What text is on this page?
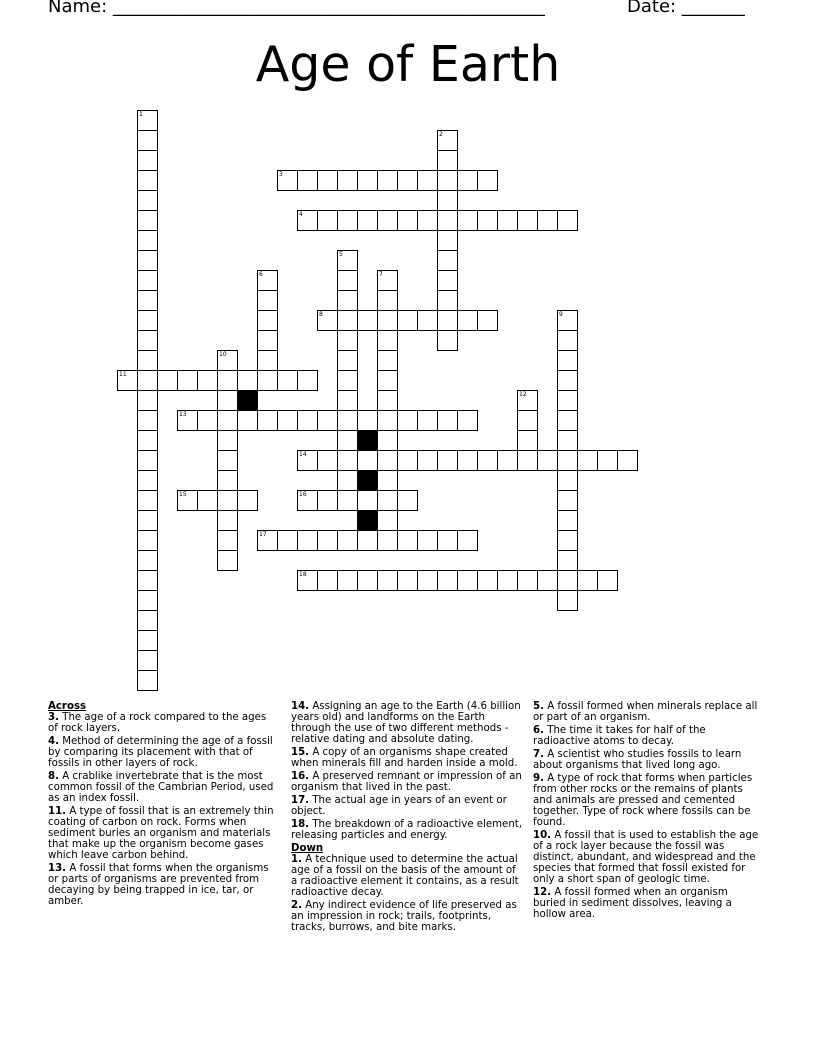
Name: ________________________________________________	Date: _______
Age of Earth
3
4
8
11
13
14
15	16
17
18
1
2
5
6	7
9
10
12
Across
3. The age of a rock compared to the ages of rock layers.
4. Method of determining the age of a fossil by comparing its placement with that of fossils in other layers of rock.
8. A crablike invertebrate that is the most common fossil of the Cambrian Period, used as an index fossil.
11. A type of fossil that is an extremely thin coating of carbon on rock. Forms when sediment buries an organism and materials that make up the organism become gases which leave carbon behind.
13. A fossil that forms when the organisms or parts of organisms are prevented from decaying by being trapped in ice, tar, or amber.
14. Assigning an age to the Earth (4.6 billion years old) and landforms on the Earth through the use of two different methods - relative dating and absolute dating.
15. A copy of an organisms shape created when minerals fill and harden inside a mold.
16. A preserved remnant or impression of an organism that lived in the past.
17. The actual age in years of an event or object.
18. The breakdown of a radioactive element, releasing particles and energy.
Down
1. A technique used to determine the actual age of a fossil on the basis of the amount of a radioactive element it contains, as a result radioactive decay.
2. Any indirect evidence of life preserved as an impression in rock; trails, footprints, tracks, burrows, and bite marks.
5. A fossil formed when minerals replace all or part of an organism.
6. The time it takes for half of the radioactive atoms to decay.
7. A scientist who studies fossils to learn about organisms that lived long ago.
9. A type of rock that forms when particles from other rocks or the remains of plants and animals are pressed and cemented together. Type of rock where fossils can be found.
10. A fossil that is used to establish the age of a rock layer because the fossil was distinct, abundant, and widespread and the species that formed that fossil existed for only a short span of geologic time.
12. A fossil formed when an organism buried in sediment dissolves, leaving a hollow area.
